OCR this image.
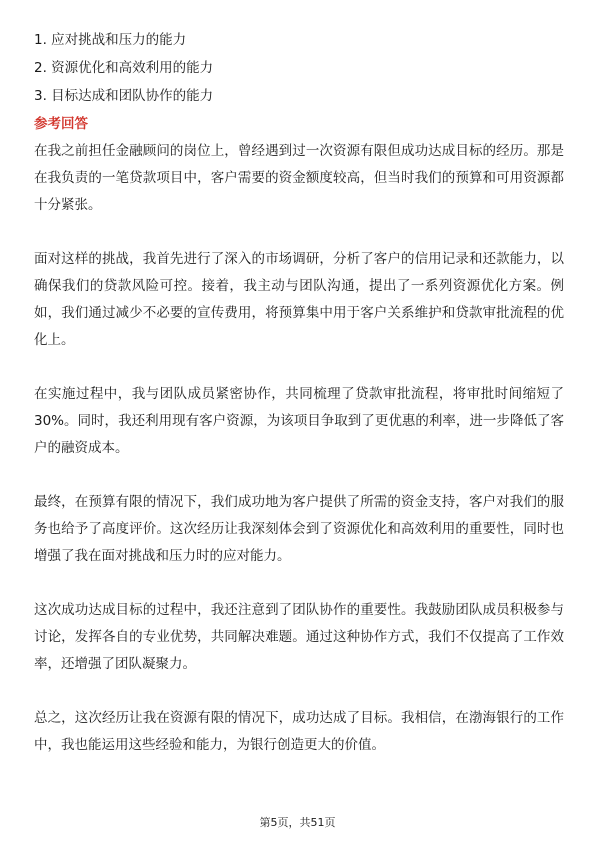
1. 应对挑战和压力的能力

2. 资源优化和高效利用的能力

3. 目标达成和团队协作的能力

参考回答

在我之前担任金融顾问的岗位上，曾经遇到过一次资源有限但成功达成目标的经历。那是在我负责的一笔贷款项目中，客户需要的资金额度较高，但当时我们的预算和可用资源都十分紧张。

面对这样的挑战，我首先进行了深入的市场调研，分析了客户的信用记录和还款能力，以确保我们的贷款风险可控。接着，我主动与团队沟通，提出了一系列资源优化方案。例如，我们通过减少不必要的宣传费用，将预算集中用于客户关系维护和贷款审批流程的优化上。

在实施过程中，我与团队成员紧密协作，共同梳理了贷款审批流程，将审批时间缩短了30%。同时，我还利用现有客户资源，为该项目争取到了更优惠的利率，进一步降低了客户的融资成本。

最终，在预算有限的情况下，我们成功地为客户提供了所需的资金支持，客户对我们的服务也给予了高度评价。这次经历让我深刻体会到了资源优化和高效利用的重要性，同时也增强了我在面对挑战和压力时的应对能力。

这次成功达成目标的过程中，我还注意到了团队协作的重要性。我鼓励团队成员积极参与讨论，发挥各自的专业优势，共同解决难题。通过这种协作方式，我们不仅提高了工作效率，还增强了团队凝聚力。

总之，这次经历让我在资源有限的情况下，成功达成了目标。我相信，在渤海银行的工作中，我也能运用这些经验和能力，为银行创造更大的价值。

第5页，共51页
